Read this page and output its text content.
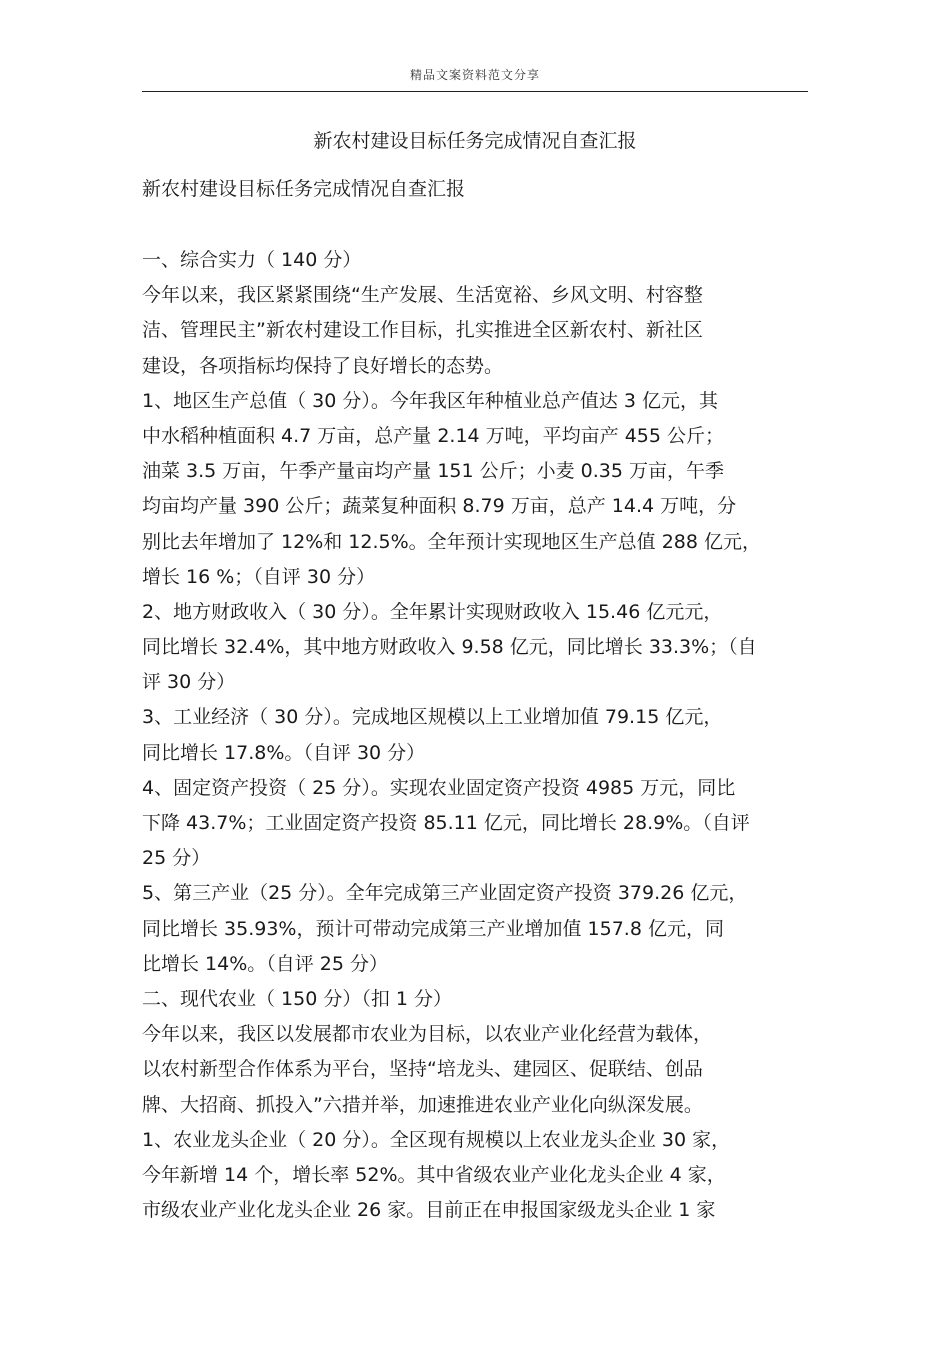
精品文案资料范文分享
新农村建设目标任务完成情况自查汇报
新农村建设目标任务完成情况自查汇报
一、综合实力（ 140 分）
今年以来，我区紧紧围绕“生产发展、生活宽裕、乡风文明、村容整
洁、管理民主”新农村建设工作目标，扎实推进全区新农村、新社区
建设，各项指标均保持了良好增长的态势。
1、地区生产总值（ 30 分）。今年我区年种植业总产值达 3 亿元，其
中水稻种植面积 4.7 万亩，总产量 2.14 万吨，平均亩产 455 公斤；
油菜 3.5 万亩，午季产量亩均产量 151 公斤；小麦 0.35 万亩，午季
均亩均产量 390 公斤；蔬菜复种面积 8.79 万亩，总产 14.4 万吨，分
别比去年增加了 12%和 12.5%。全年预计实现地区生产总值 288 亿元，
增长 16 %；（自评 30 分）
2、地方财政收入（ 30 分）。全年累计实现财政收入 15.46 亿元元，
同比增长 32.4%，其中地方财政收入 9.58 亿元，同比增长 33.3%；（自
评 30 分）
3、工业经济（ 30 分）。完成地区规模以上工业增加值 79.15 亿元，
同比增长 17.8%。（自评 30 分）
4、固定资产投资（ 25 分）。实现农业固定资产投资 4985 万元，同比
下降 43.7%；工业固定资产投资 85.11 亿元，同比增长 28.9%。（自评
25 分）
5、第三产业（25 分）。全年完成第三产业固定资产投资 379.26 亿元，
同比增长 35.93%，预计可带动完成第三产业增加值 157.8 亿元，同
比增长 14%。（自评 25 分）
二、现代农业（ 150 分）（扣 1 分）
今年以来，我区以发展都市农业为目标，以农业产业化经营为载体，
以农村新型合作体系为平台，坚持“培龙头、建园区、促联结、创品
牌、大招商、抓投入”六措并举，加速推进农业产业化向纵深发展。
1、农业龙头企业（ 20 分）。全区现有规模以上农业龙头企业 30 家，
今年新增 14 个，增长率 52%。其中省级农业产业化龙头企业 4 家，
市级农业产业化龙头企业 26 家。目前正在申报国家级龙头企业 1 家
